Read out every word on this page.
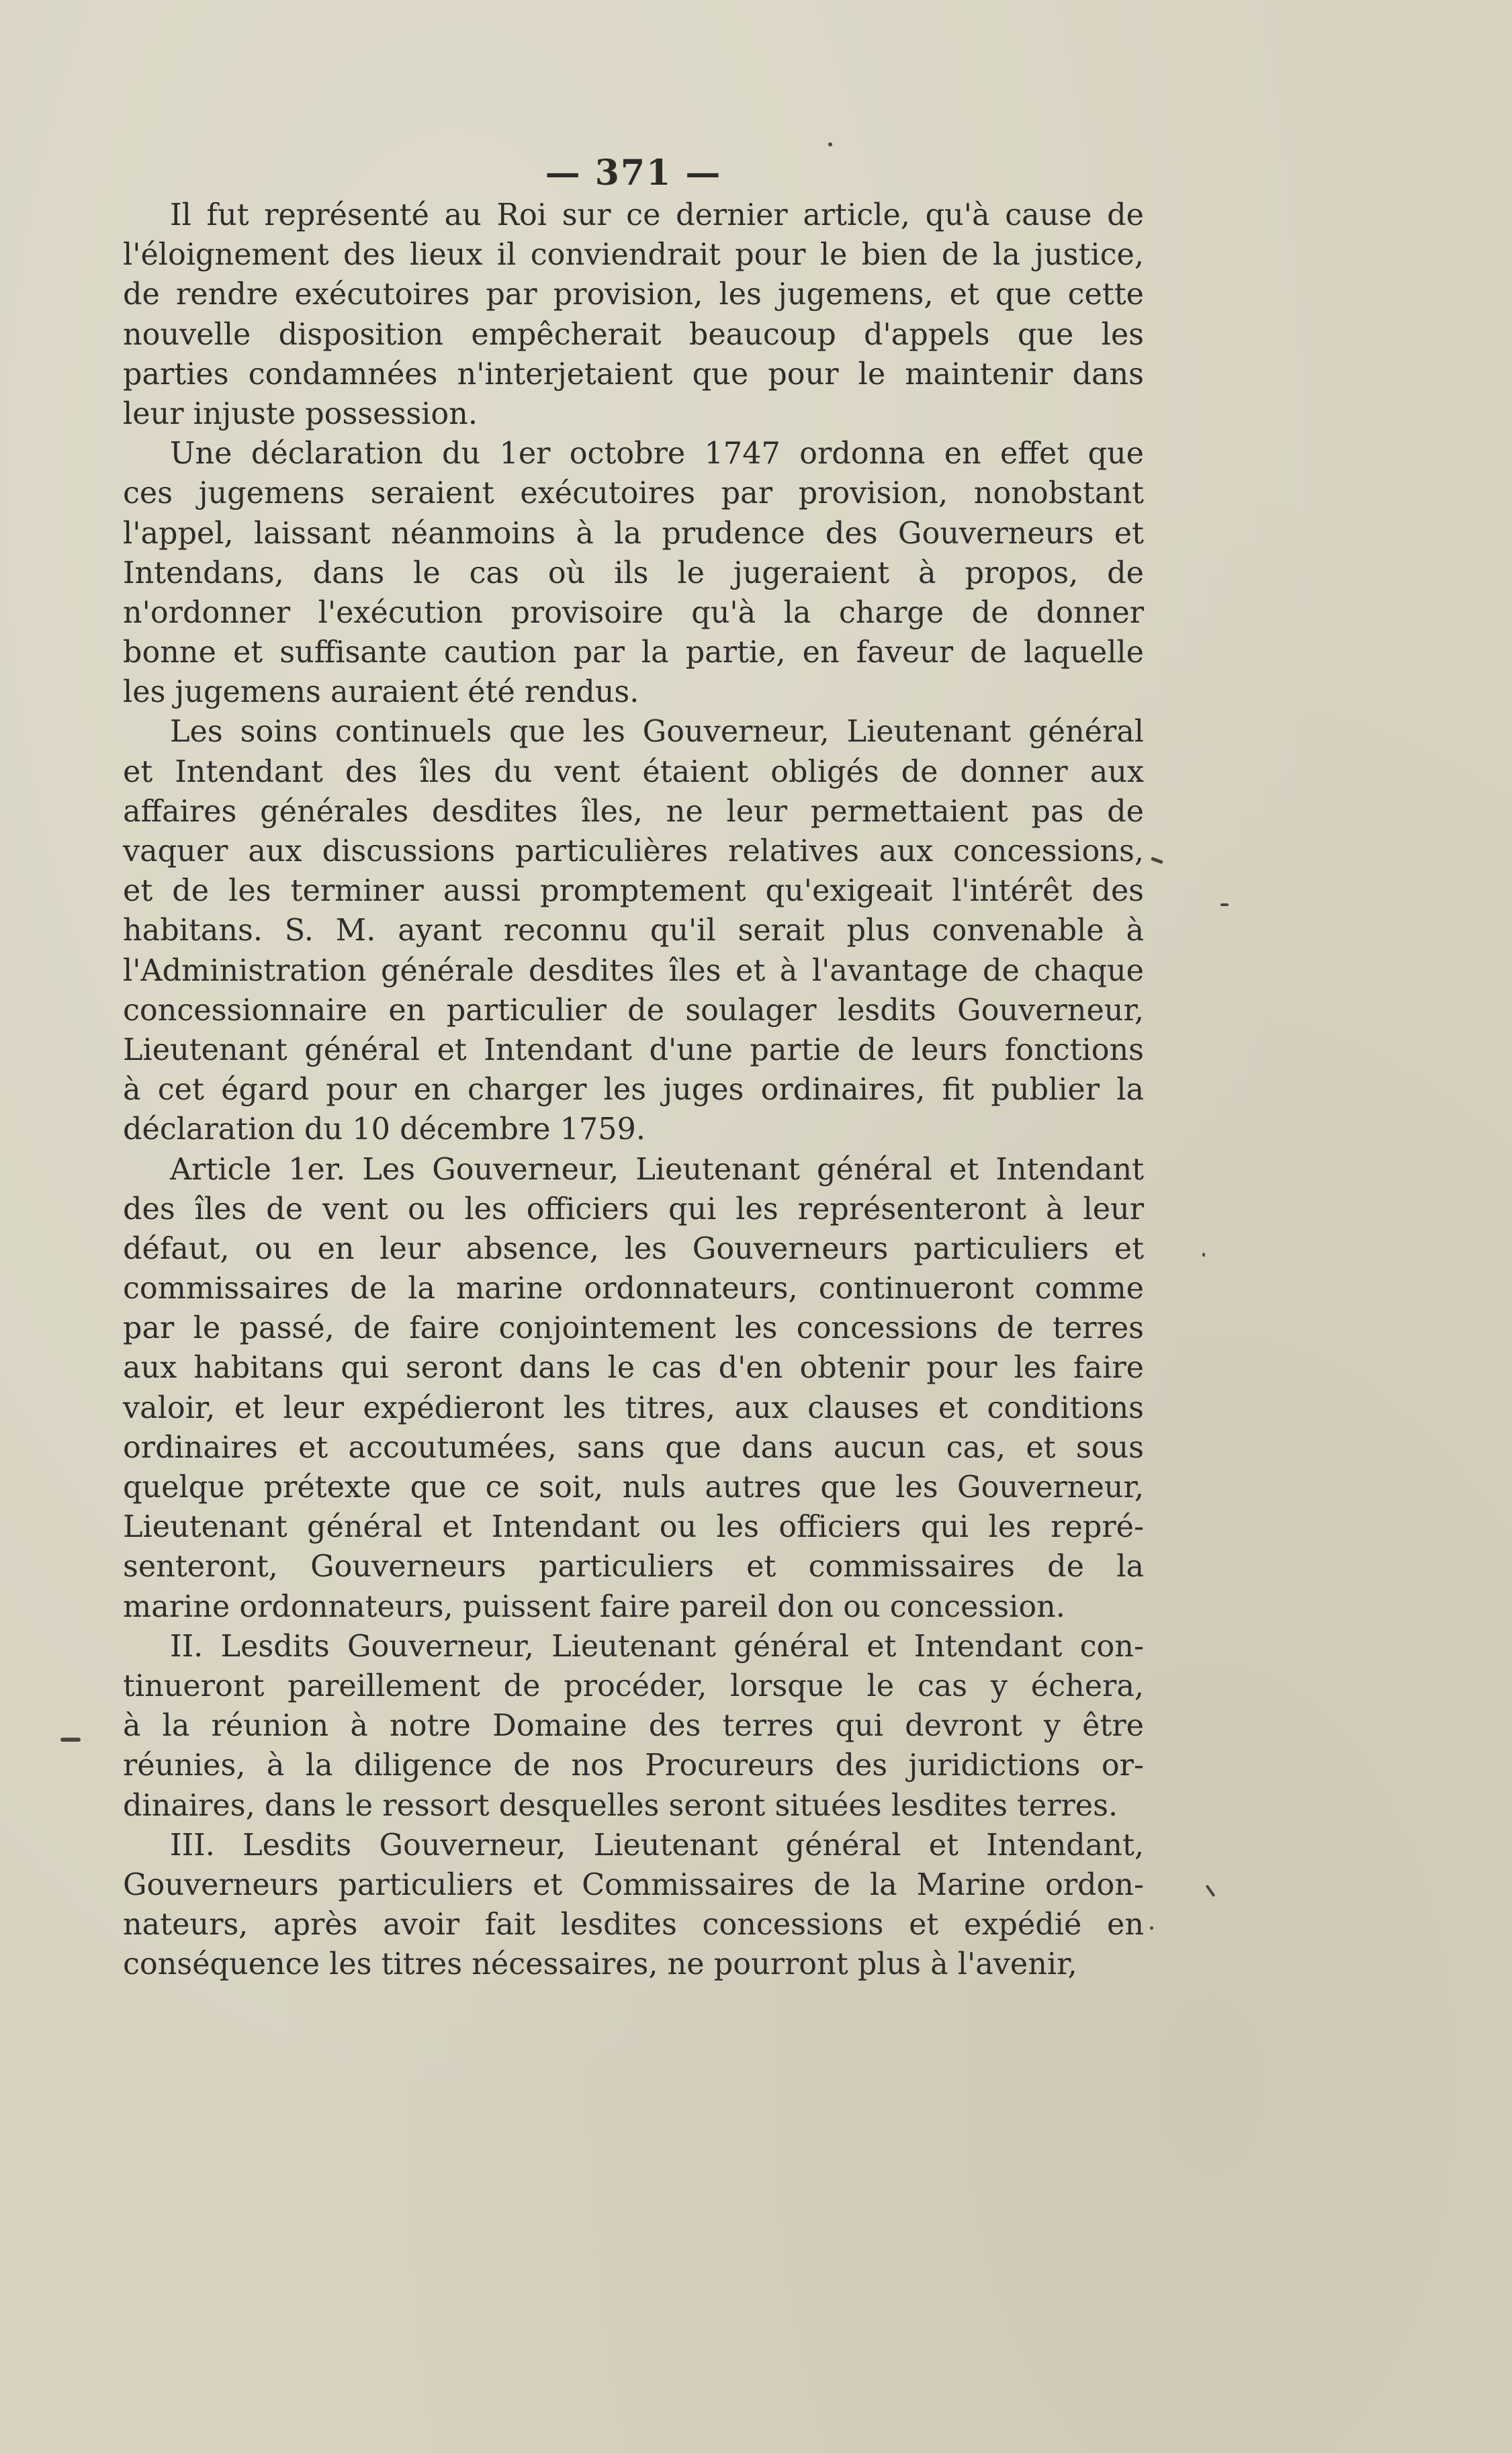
— 371 —
Il fut représenté au Roi sur ce dernier article, qu'à cause de
l'éloignement des lieux il conviendrait pour le bien de la justice,
de rendre exécutoires par provision, les jugemens, et que cette
nouvelle disposition empêcherait beaucoup d'appels que les
parties condamnées n'interjetaient que pour le maintenir dans
leur injuste possession.
Une déclaration du 1er octobre 1747 ordonna en effet que
ces jugemens seraient exécutoires par provision, nonobstant
l'appel, laissant néanmoins à la prudence des Gouverneurs et
Intendans, dans le cas où ils le jugeraient à propos, de
n'ordonner l'exécution provisoire qu'à la charge de donner
bonne et suffisante caution par la partie, en faveur de laquelle
les jugemens auraient été rendus.
Les soins continuels que les Gouverneur, Lieutenant général
et Intendant des îles du vent étaient obligés de donner aux
affaires générales desdites îles, ne leur permettaient pas de
vaquer aux discussions particulières relatives aux concessions,
et de les terminer aussi promptement qu'exigeait l'intérêt des
habitans. S. M. ayant reconnu qu'il serait plus convenable à
l'Administration générale desdites îles et à l'avantage de chaque
concessionnaire en particulier de soulager lesdits Gouverneur,
Lieutenant général et Intendant d'une partie de leurs fonctions
à cet égard pour en charger les juges ordinaires, fit publier la
déclaration du 10 décembre 1759.
Article 1er. Les Gouverneur, Lieutenant général et Intendant
des îles de vent ou les officiers qui les représenteront à leur
défaut, ou en leur absence, les Gouverneurs particuliers et
commissaires de la marine ordonnateurs, continueront comme
par le passé, de faire conjointement les concessions de terres
aux habitans qui seront dans le cas d'en obtenir pour les faire
valoir, et leur expédieront les titres, aux clauses et conditions
ordinaires et accoutumées, sans que dans aucun cas, et sous
quelque prétexte que ce soit, nuls autres que les Gouverneur,
Lieutenant général et Intendant ou les officiers qui les repré-
senteront, Gouverneurs particuliers et commissaires de la
marine ordonnateurs, puissent faire pareil don ou concession.
II. Lesdits Gouverneur, Lieutenant général et Intendant con-
tinueront pareillement de procéder, lorsque le cas y échera,
à la réunion à notre Domaine des terres qui devront y être
réunies, à la diligence de nos Procureurs des juridictions or-
dinaires, dans le ressort desquelles seront situées lesdites terres.
III. Lesdits Gouverneur, Lieutenant général et Intendant,
Gouverneurs particuliers et Commissaires de la Marine ordon-
nateurs, après avoir fait lesdites concessions et expédié en
conséquence les titres nécessaires, ne pourront plus à l'avenir,
